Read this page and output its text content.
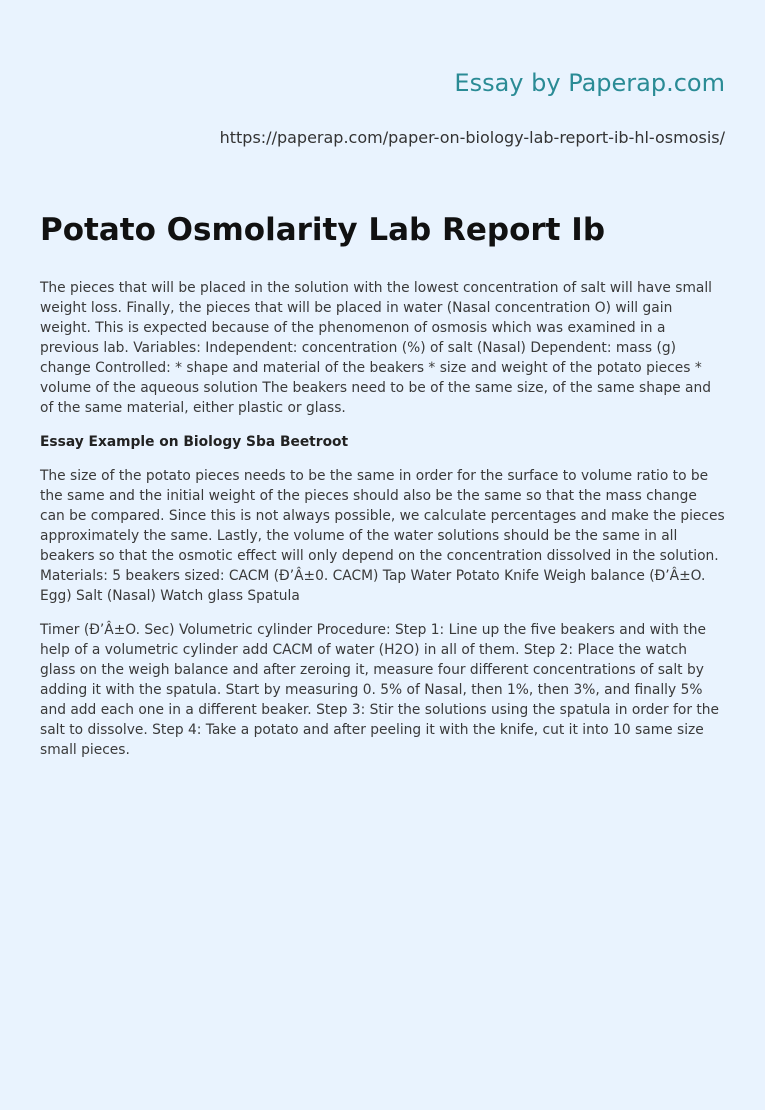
Essay by Paperap.com
https://paperap.com/paper-on-biology-lab-report-ib-hl-osmosis/
Potato Osmolarity Lab Report Ib

The pieces that will be placed in the solution with the lowest concentration of salt will have small weight loss. Finally, the pieces that will be placed in water (Nasal concentration O) will gain weight. This is expected because of the phenomenon of osmosis which was examined in a previous lab. Variables: Independent: concentration (%) of salt (Nasal) Dependent: mass (g) change Controlled: * shape and material of the beakers * size and weight of the potato pieces * volume of the aqueous solution The beakers need to be of the same size, of the same shape and of the same material, either plastic or glass.

Essay Example on Biology Sba Beetroot

The size of the potato pieces needs to be the same in order for the surface to volume ratio to be the same and the initial weight of the pieces should also be the same so that the mass change can be compared. Since this is not always possible, we calculate percentages and make the pieces approximately the same. Lastly, the volume of the water solutions should be the same in all beakers so that the osmotic effect will only depend on the concentration dissolved in the solution. Materials: 5 beakers sized: CACM (Đ’Â±0. CACM) Tap Water Potato Knife Weigh balance (Đ’Â±O. Egg) Salt (Nasal) Watch glass Spatula

Timer (Đ’Â±O. Sec) Volumetric cylinder Procedure: Step 1: Line up the five beakers and with the help of a volumetric cylinder add CACM of water (H2O) in all of them. Step 2: Place the watch glass on the weigh balance and after zeroing it, measure four different concentrations of salt by adding it with the spatula. Start by measuring 0. 5% of Nasal, then 1%, then 3%, and finally 5% and add each one in a different beaker. Step 3: Stir the solutions using the spatula in order for the salt to dissolve. Step 4: Take a potato and after peeling it with the knife, cut it into 10 same size small pieces.
